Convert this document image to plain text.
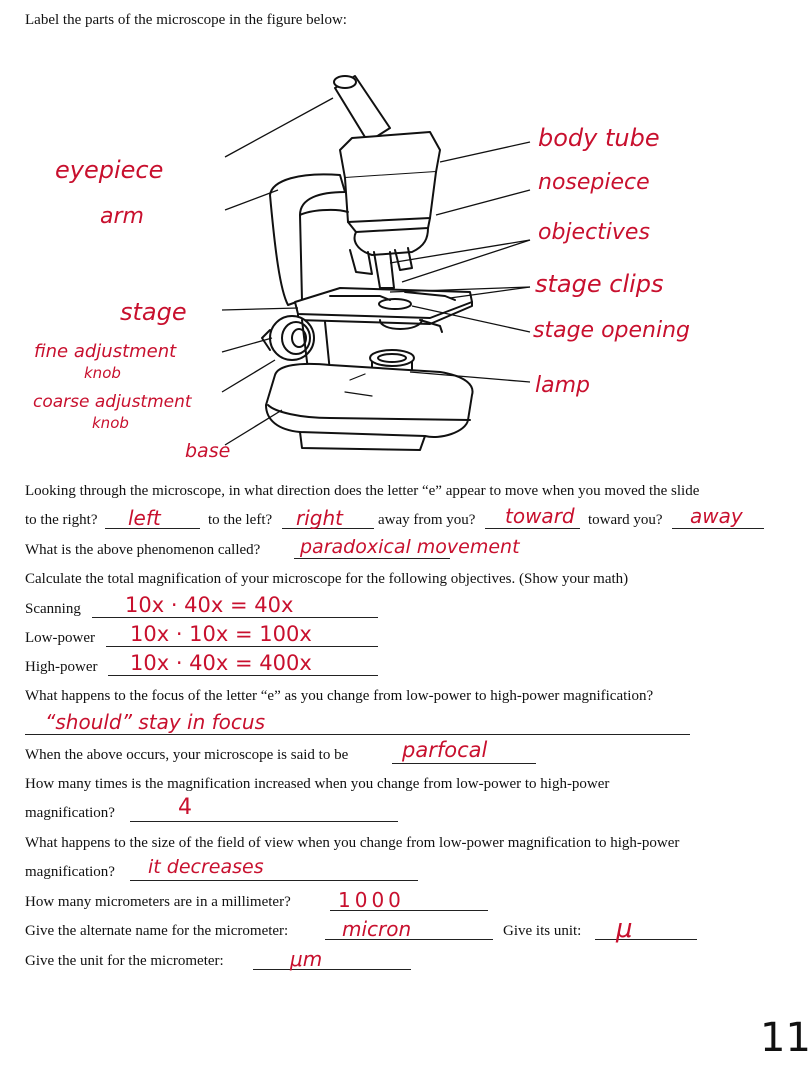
Label the parts of the microscope in the figure below:
eyepiece
arm
stage
fine adjustment
knob
coarse adjustment
knob
base
body tube
nosepiece
objectives
stage clips
stage opening
lamp
Looking through the microscope, in what direction does the letter “e” appear to move when you moved the slide
to the right? left	to the left? right away from you? toward toward you? away
What is the above phenomenon called? paradoxical movement
Calculate the total magnification of your microscope for the following objectives. (Show your math)
Scanning 10x · 40x = 40x
Low-power 10x · 10x = 100x
High-power 10x · 40x = 400x
What happens to the focus of the letter “e” as you change from low-power to high-power magnification?
“should” stay in focus
When the above occurs, your microscope is said to be	parfocal
How many times is the magnification increased when you change from low-power to high-power
magnification?	4
What happens to the size of the field of view when you change from low-power magnification to high-power
magnification? it decreases
How many micrometers are in a millimeter? 1000
Give the alternate name for the micrometer:	micron	Give its unit: μ
Give the unit for the micrometer:	μm
11
